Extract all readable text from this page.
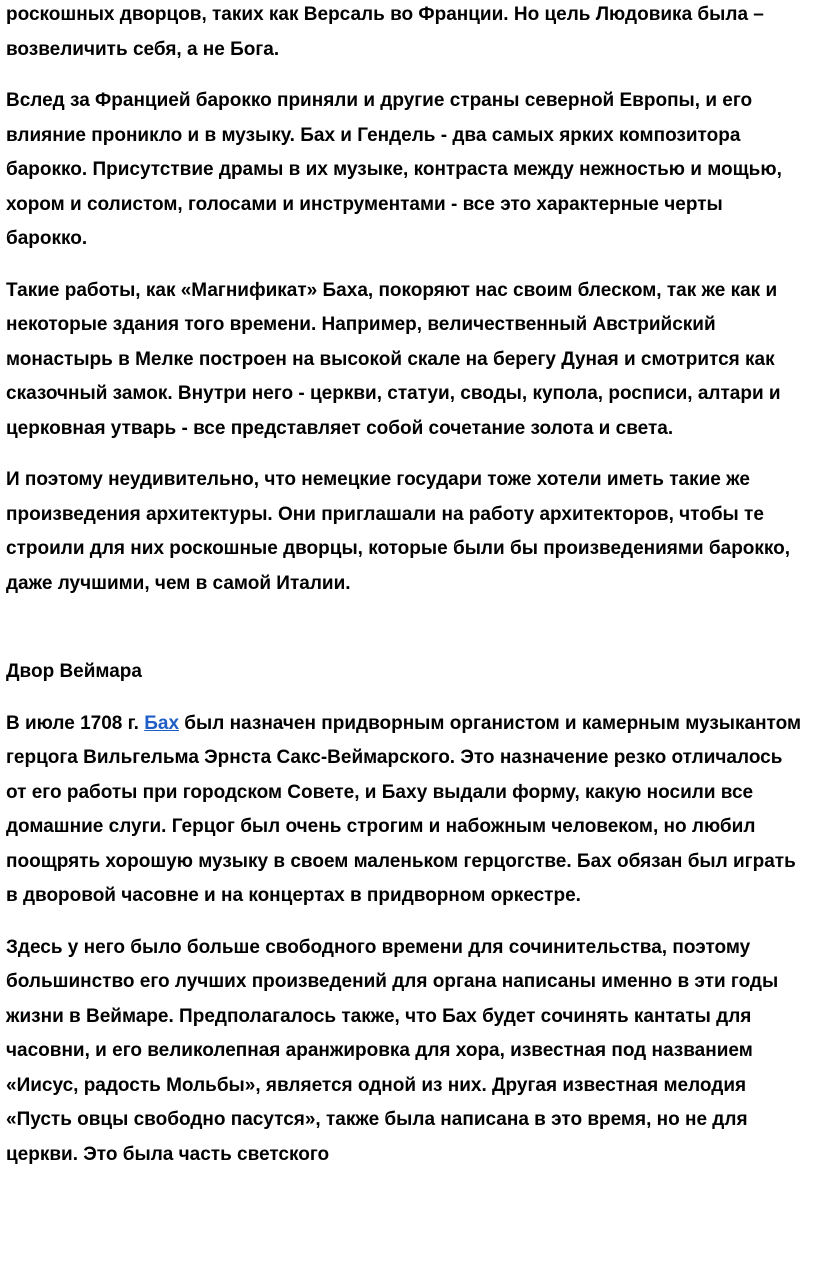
роскошных дворцов, таких как Версаль во Франции. Но цель Людовика была – возвеличить себя, а не Бога.

Вслед за Францией барокко приняли и другие страны северной Европы, и его влияние проникло и в музыку. Бах и Гендель - два самых ярких композитора барокко. Присутствие драмы в их музыке, контраста между нежностью и мощью, хором и солистом, голосами и инструментами - все это характерные черты барокко.

Такие работы, как «Магнификат» Баха, покоряют нас своим блеском, так же как и некоторые здания того времени. Например, величественный Австрийский монастырь в Мелке построен на высокой скале на берегу Дуная и смотрится как сказочный замок. Внутри него - церкви, статуи, своды, купола, росписи, алтари и церковная утварь - все представляет собой сочетание золота и света.

И поэтому неудивительно, что немецкие государи тоже хотели иметь такие же произведения архитектуры. Они приглашали на работу архитекторов, чтобы те строили для них роскошные дворцы, которые были бы произведениями барокко, даже лучшими, чем в самой Италии.

Двор Веймара

В июле 1708 г. Бах был назначен придворным органистом и камерным музыкантом герцога Вильгельма Эрнста Сакс-Веймарского. Это назначение резко отличалось от его работы при городском Совете, и Баху выдали форму, какую носили все домашние слуги. Герцог был очень строгим и набожным человеком, но любил поощрять хорошую музыку в своем маленьком герцогстве. Бах обязан был играть в дворовой часовне и на концертах в придворном оркестре.

Здесь у него было больше свободного времени для сочинительства, поэтому большинство его лучших произведений для органа написаны именно в эти годы жизни в Веймаре. Предполагалось также, что Бах будет сочинять кантаты для часовни, и его великолепная аранжировка для хора, известная под названием «Иисус, радость Мольбы», является одной из них. Другая известная мелодия «Пусть овцы свободно пасутся», также была написана в это время, но не для церкви. Это была часть светского
